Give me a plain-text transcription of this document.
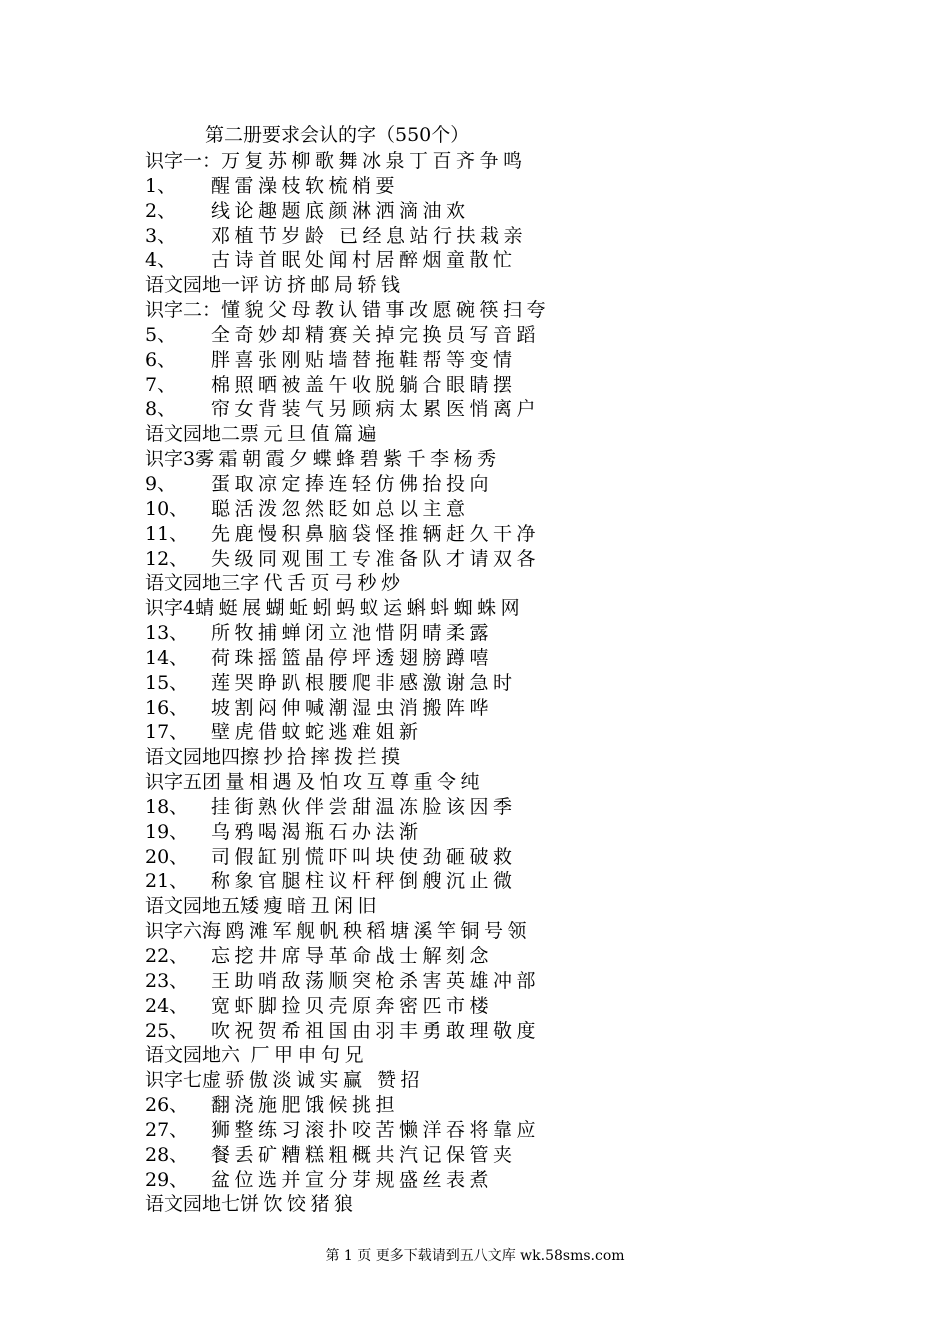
第二册要求会认的字（550个）
识字一： 万复苏柳歌舞冰泉丁百齐争鸣
1、	醒雷澡枝软梳梢要
2、	线论趣题底颜淋洒滴油欢
3、	邓植节岁龄 已经息站行扶栽亲
4、	古诗首眠处闻村居醉烟童散忙
语文园地一 评访挤邮局轿钱
识字二： 懂貌父母教认错事改愿碗筷扫夸
5、	全奇妙却精赛关掉完换员写音蹈
6、	胖喜张刚贴墙替拖鞋帮等变情
7、	棉照晒被盖午收脱躺合眼睛摆
8、	帘女背装气另顾病太累医悄离户
语文园地二 票元旦值篇遍
识字3 雾霜朝霞夕蝶蜂碧紫千李杨秀
9、	蛋取凉定捧连轻仿佛抬投向
10、	聪活泼忽然眨如总以主意
11、	先鹿慢积鼻脑袋怪推辆赶久干净
12、	失级同观围工专准备队才请双各
语文园地三 字代舌页弓秒炒
识字4 蜻蜓展蝴蚯蚓蚂蚁运蝌蚪蜘蛛网
13、	所牧捕蝉闭立池惜阴晴柔露
14、	荷珠摇篮晶停坪透翅膀蹲嘻
15、	莲哭睁趴根腰爬非感激谢急时
16、	坡割闷伸喊潮湿虫消搬阵哗
17、	壁虎借蚊蛇逃难姐新
语文园地四 擦抄拾摔拨拦摸
识字五 团量相遇及怕攻互尊重令纯
18、	挂街熟伙伴尝甜温冻脸该因季
19、	乌鸦喝渴瓶石办法渐
20、	司假缸别慌吓叫块使劲砸破救
21、	称象官腿柱议杆秤倒艘沉止微
语文园地五 矮瘦暗丑闲旧
识字六 海鸥滩军舰帆秧稻塘溪竿铜号领
22、	忘挖井席导革命战士解刻念
23、	王助哨敌荡顺突枪杀害英雄冲部
24、	宽虾脚捡贝壳原奔密匹市楼
25、	吹祝贺希祖国由羽丰勇敢理敬度
语文园地六 厂甲申句兄
识字七 虚骄傲淡诚实赢 赞招
26、	翻浇施肥饿候挑担
27、	狮整练习滚扑咬苦懒洋吞将靠应
28、	餐丢矿糟糕粗概共汽记保管夹
29、	盆位选并宣分芽规盛丝表煮
语文园地七 饼饮饺猪狼
第 1 页 更多下载请到五八文库 wk.58sms.com
